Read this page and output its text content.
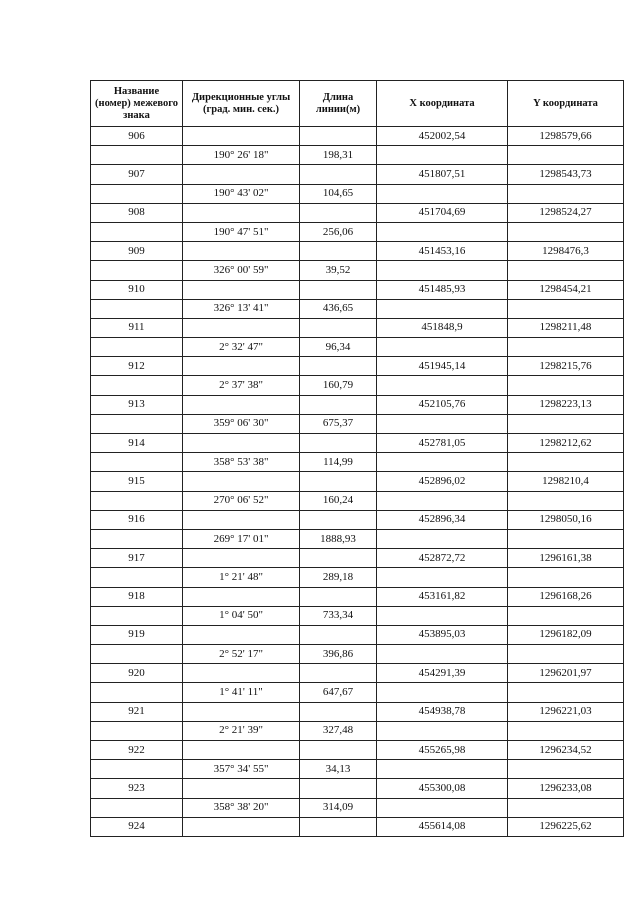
Название (номер) межевого знака	Дирекционные углы (град. мин. сек.)	Длина линии(м)	X координата	Y координата
906			452002,54	1298579,66
	190° 26' 18"	198,31		
907			451807,51	1298543,73
	190° 43' 02"	104,65		
908			451704,69	1298524,27
	190° 47' 51"	256,06		
909			451453,16	1298476,3
	326° 00' 59"	39,52		
910			451485,93	1298454,21
	326° 13' 41"	436,65		
911			451848,9	1298211,48
	2° 32' 47"	96,34		
912			451945,14	1298215,76
	2° 37' 38"	160,79		
913			452105,76	1298223,13
	359° 06' 30"	675,37		
914			452781,05	1298212,62
	358° 53' 38"	114,99		
915			452896,02	1298210,4
	270° 06' 52"	160,24		
916			452896,34	1298050,16
	269° 17' 01"	1888,93		
917			452872,72	1296161,38
	1° 21' 48"	289,18		
918			453161,82	1296168,26
	1° 04' 50"	733,34		
919			453895,03	1296182,09
	2° 52' 17"	396,86		
920			454291,39	1296201,97
	1° 41' 11"	647,67		
921			454938,78	1296221,03
	2° 21' 39"	327,48		
922			455265,98	1296234,52
	357° 34' 55"	34,13		
923			455300,08	1296233,08
	358° 38' 20"	314,09		
924			455614,08	1296225,62
